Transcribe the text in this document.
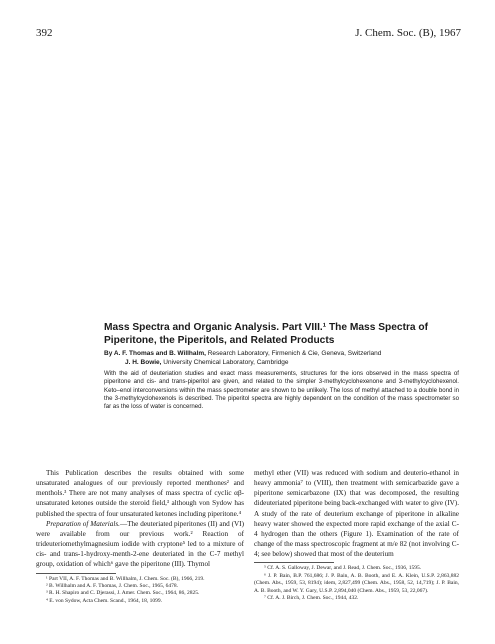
392	J. Chem. Soc. (B), 1967
Mass Spectra and Organic Analysis. Part VIII.¹ The Mass Spectra of Piperitone, the Piperitols, and Related Products
By A. F. Thomas and B. Willhalm, Research Laboratory, Firmenich & Cie, Geneva, Switzerland
J. H. Bowie, University Chemical Laboratory, Cambridge
With the aid of deuteriation studies and exact mass measurements, structures for the ions observed in the mass spectra of piperitone and cis- and trans-piperitol are given, and related to the simpler 3-methylcyclohexenone and 3-methylcyclohexenol. Keto–enol interconversions within the mass spectrometer are shown to be unlikely. The loss of methyl attached to a double bond in the 3-methylcyclohexenols is described. The piperitol spectra are highly dependent on the condition of the mass spectrometer so far as the loss of water is concerned.

This Publication describes the results obtained with some unsaturated analogues of our previously reported menthones² and menthols.³ There are not many analyses of mass spectra of cyclic αβ-unsaturated ketones outside the steroid field,³ although von Sydow has published the spectra of four unsaturated ketones including piperitone.⁴

Preparation of Materials.—The deuteriated piperitones (II) and (VI) were available from our previous work.² Reaction of trideuteriomethylmagnesium iodide with cryptone⁵ led to a mixture of cis- and trans-1-hydroxy-menth-2-ene deuteriated in the C-7 methyl group, oxidation of which⁶ gave the piperitone (III). Thymol

¹ Part VII, A. F. Thomas and B. Willhalm, J. Chem. Soc. (B), 1966, 219.

² B. Willhalm and A. F. Thomas, J. Chem. Soc., 1965, 6478.

³ R. H. Shapiro and C. Djerassi, J. Amer. Chem. Soc., 1964, 86, 2825.

⁴ E. von Sydow, Acta Chem. Scand., 1964, 18, 1099.

methyl ether (VII) was reduced with sodium and deuterio-ethanol in heavy ammonia⁷ to (VIII), then treatment with semicarbazide gave a piperitone semicarbazone (IX) that was decomposed, the resulting dideuteriated piperitone being back-exchanged with water to give (IV). A study of the rate of deuterium exchange of piperitone in alkaline heavy water showed the expected more rapid exchange of the axial C-4 hydrogen than the others (Figure 1). Examination of the rate of change of the mass spectroscopic fragment at m/e 82 (not involving C-4; see below) showed that most of the deuterium

⁵ Cf. A. S. Galloway, J. Dewar, and J. Read, J. Chem. Soc., 1936, 1595.

⁶ J. P. Bain, B.P. 761,686; J. P. Bain, A. B. Booth, and E. A. Klein, U.S.P. 2,863,882 (Chem. Abs., 1959, 53, 8194); idem, 2,827,499 (Chem. Abs., 1958, 52, 14,719); J. P. Bain, A. B. Booth, and W. Y. Gary, U.S.P. 2,894,040 (Chem. Abs., 1959, 53, 22,067).

⁷ Cf. A. J. Birch, J. Chem. Soc., 1944, 432.
